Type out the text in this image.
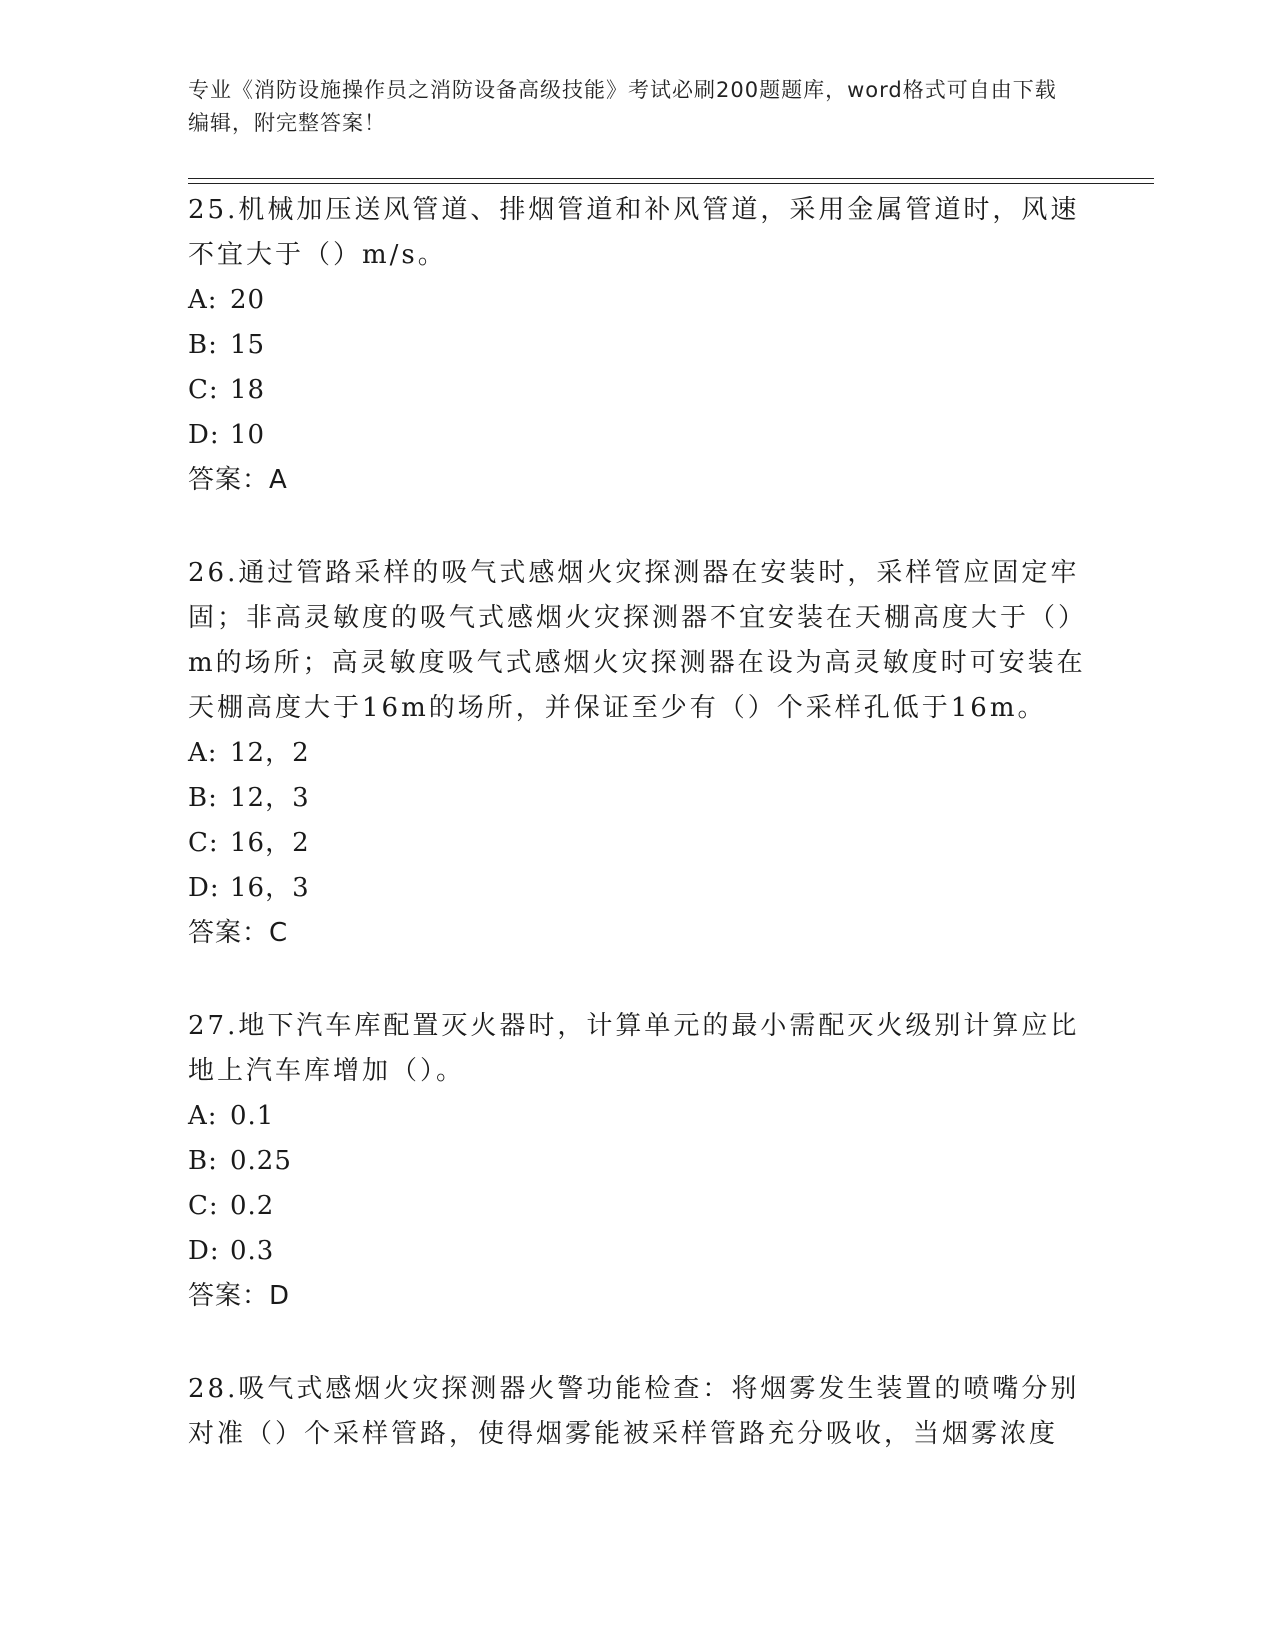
专业《消防设施操作员之消防设备高级技能》考试必刷200题题库，word格式可自由下载编辑，附完整答案！

25.机械加压送风管道、排烟管道和补风管道，采用金属管道时，风速不宜大于（）m/s。

A: 20

B: 15

C: 18

D: 10

答案：A

26.通过管路采样的吸气式感烟火灾探测器在安装时，采样管应固定牢固；非高灵敏度的吸气式感烟火灾探测器不宜安装在天棚高度大于（）m的场所；高灵敏度吸气式感烟火灾探测器在设为高灵敏度时可安装在天棚高度大于16m的场所，并保证至少有（）个采样孔低于16m。

A: 12，2

B: 12，3

C: 16，2

D: 16，3

答案：C

27.地下汽车库配置灭火器时，计算单元的最小需配灭火级别计算应比地上汽车库增加（）。

A: 0.1

B: 0.25

C: 0.2

D: 0.3

答案：D

28.吸气式感烟火灾探测器火警功能检查：将烟雾发生装置的喷嘴分别对准（）个采样管路，使得烟雾能被采样管路充分吸收，当烟雾浓度
